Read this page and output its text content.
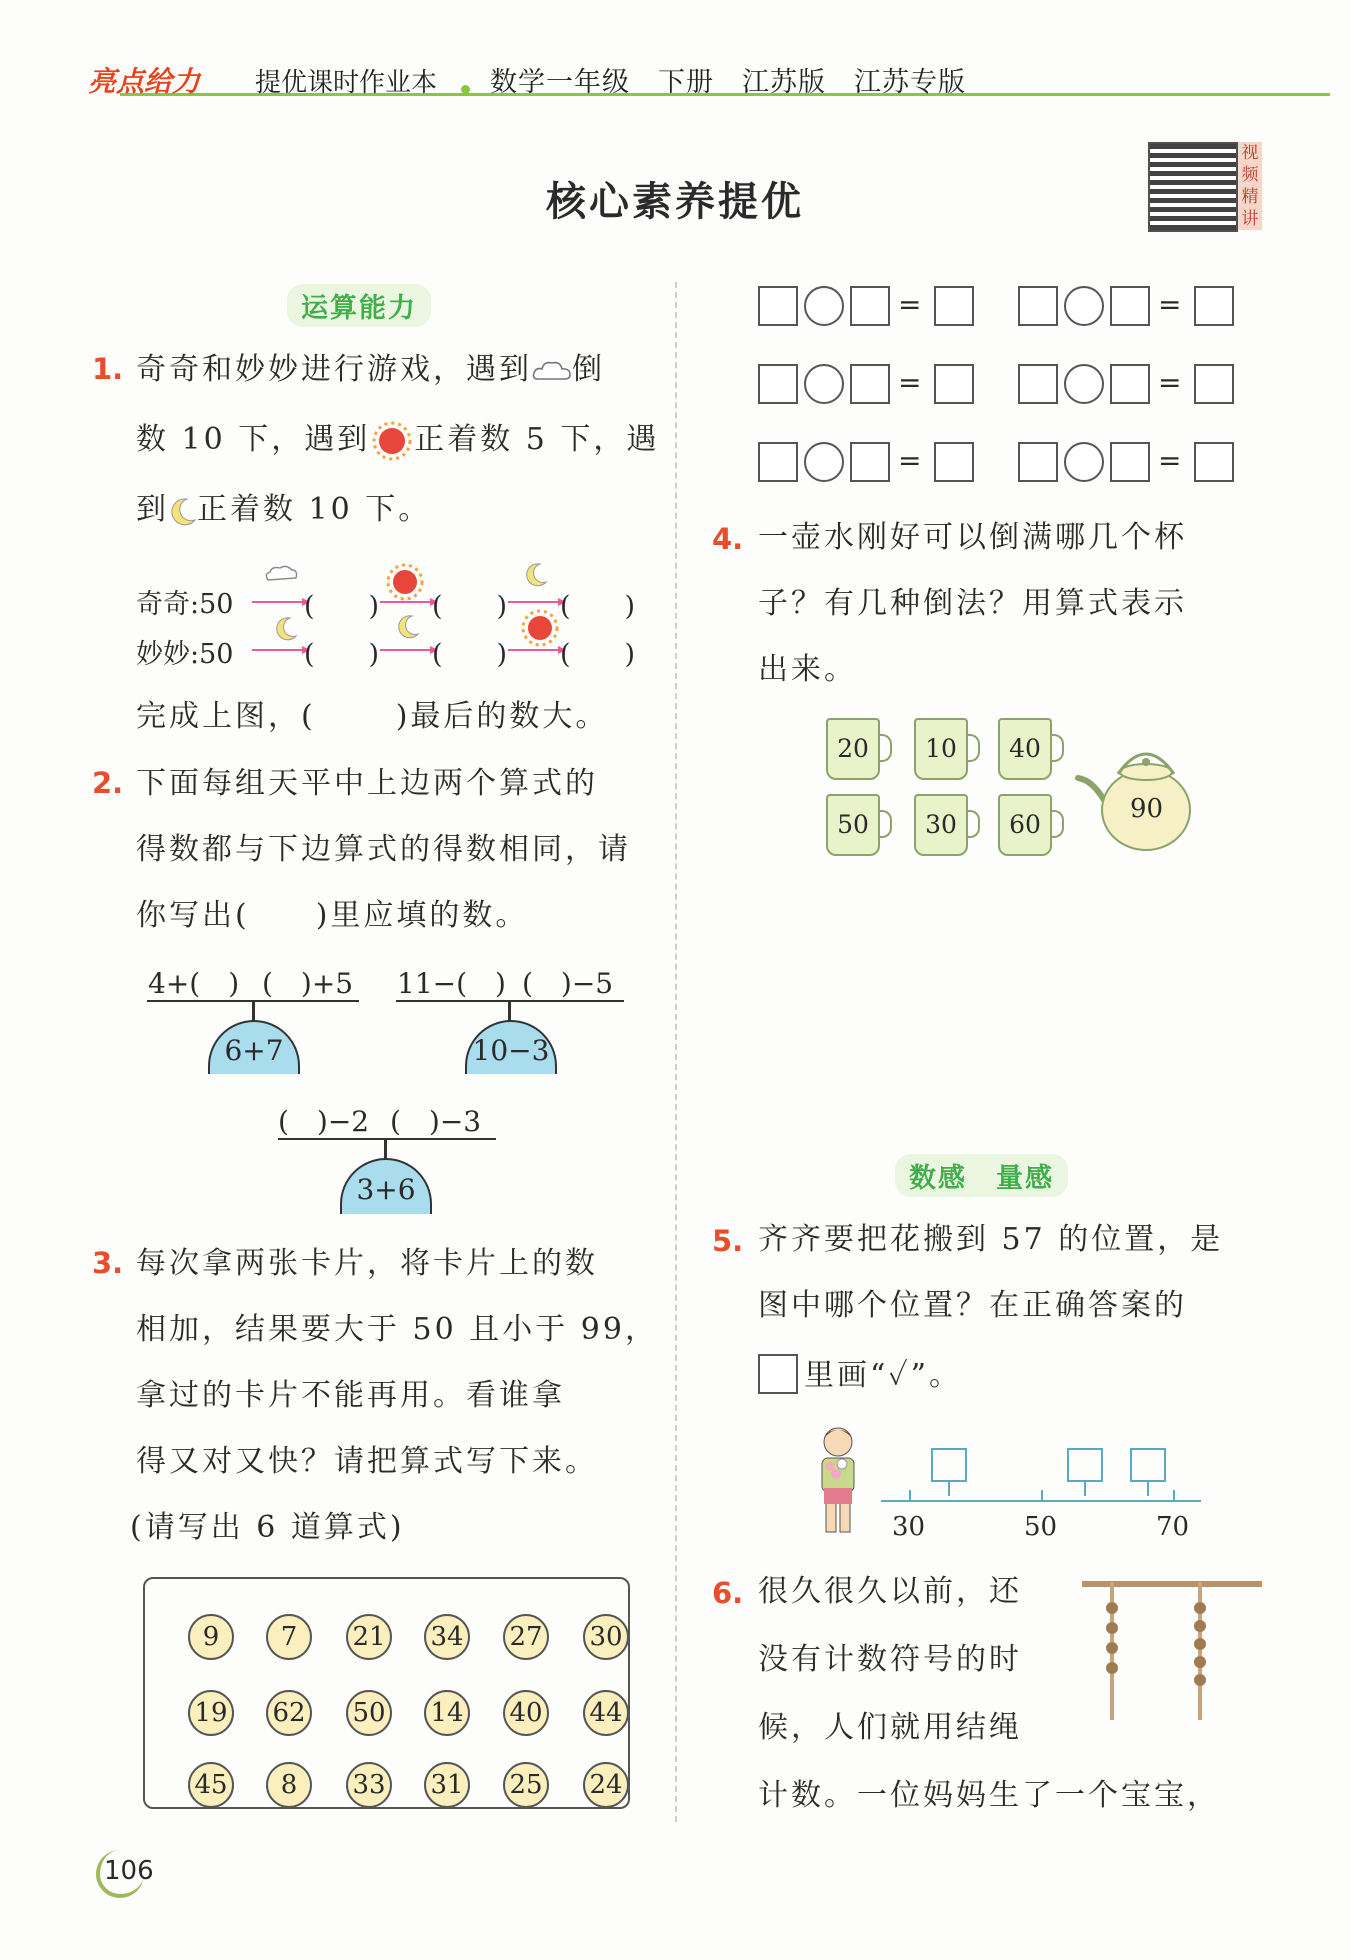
亮点给力 提优课时作业本 数学一年级　下册　江苏版　江苏专版
核心素养提优
视频精讲
运算能力
1. 奇奇和妙妙进行游戏，遇到 倒
数 10 下，遇到 正着数 5 下，遇
到 正着数 10 下。
奇奇:50
妙妙:50
(　　) (　　) (　　)
(　　) (　　) (　　)
完成上图，(	)最后的数大。
2. 下面每组天平中上边两个算式的
得数都与下边算式的得数相同，请
你写出(　　)里应填的数。
4+(　) (　)+5
6+7
11−(　) (　)−5
10−3
(　)−2 (　)−3
3+6
3. 每次拿两张卡片，将卡片上的数
相加，结果要大于 50 且小于 99，
拿过的卡片不能再用。看谁拿
得又对又快？请把算式写下来。
(请写出 6 道算式)
9	7	21 34 27 30
19 62 50 14 40 44
45	8	33 31 25 24
106
=	=
=	=
=	=
4. 一壶水刚好可以倒满哪几个杯
子？有几种倒法？用算式表示
出来。
20	10	40
50	30	60
90
数感　量感
5. 齐齐要把花搬到 57 的位置，是
图中哪个位置？在正确答案的
里画“✓”。
30	50	70
6. 很久很久以前，还
没有计数符号的时
候，人们就用结绳
计数。一位妈妈生了一个宝宝，
